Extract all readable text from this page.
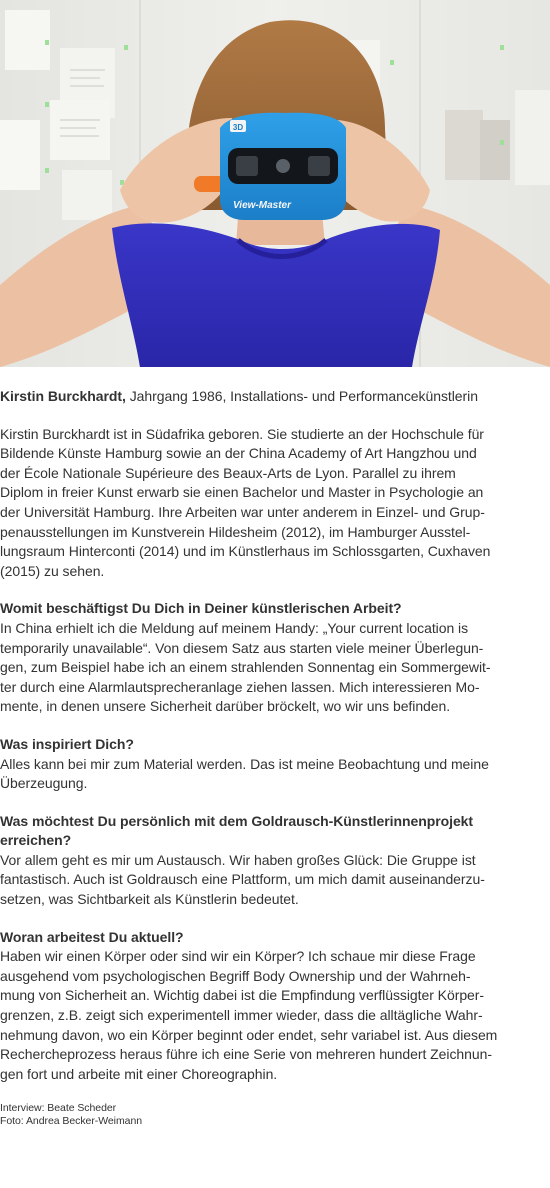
3D
View-Master

Kirstin Burckhardt, Jahrgang 1986, Installations- und Performancekünstlerin

Kirstin Burckhardt ist in Südafrika geboren. Sie studierte an der Hochschule für
Bildende Künste Hamburg sowie an der China Academy of Art Hangzhou und
der École Nationale Supérieure des Beaux-Arts de Lyon. Parallel zu ihrem
Diplom in freier Kunst erwarb sie einen Bachelor und Master in Psychologie an
der Universität Hamburg. Ihre Arbeiten war unter anderem in Einzel- und Grup-
penausstellungen im Kunstverein Hildesheim (2012), im Hamburger Ausstel-
lungsraum Hinterconti (2014) und im Künstlerhaus im Schlossgarten, Cuxhaven
(2015) zu sehen.

Womit beschäftigst Du Dich in Deiner künstlerischen Arbeit?

In China erhielt ich die Meldung auf meinem Handy: „Your current location is
temporarily unavailable“. Von diesem Satz aus starten viele meiner Überlegun-
gen, zum Beispiel habe ich an einem strahlenden Sonnentag ein Sommergewit-
ter durch eine Alarmlautsprecheranlage ziehen lassen. Mich interessieren Mo-
mente, in denen unsere Sicherheit darüber bröckelt, wo wir uns befinden.

Was inspiriert Dich?

Alles kann bei mir zum Material werden. Das ist meine Beobachtung und meine
Überzeugung.

Was möchtest Du persönlich mit dem Goldrausch-Künstlerinnenprojekt
erreichen?

Vor allem geht es mir um Austausch. Wir haben großes Glück: Die Gruppe ist
fantastisch. Auch ist Goldrausch eine Plattform, um mich damit auseinanderzu-
setzen, was Sichtbarkeit als Künstlerin bedeutet.

Woran arbeitest Du aktuell?

Haben wir einen Körper oder sind wir ein Körper? Ich schaue mir diese Frage
ausgehend vom psychologischen Begriff Body Ownership und der Wahrneh-
mung von Sicherheit an. Wichtig dabei ist die Empfindung verflüssigter Körper-
grenzen, z.B. zeigt sich experimentell immer wieder, dass die alltägliche Wahr-
nehmung davon, wo ein Körper beginnt oder endet, sehr variabel ist. Aus diesem
Rechercheprozess heraus führe ich eine Serie von mehreren hundert Zeichnun-
gen fort und arbeite mit einer Choreographin.

Interview: Beate Scheder
Foto: Andrea Becker-Weimann
